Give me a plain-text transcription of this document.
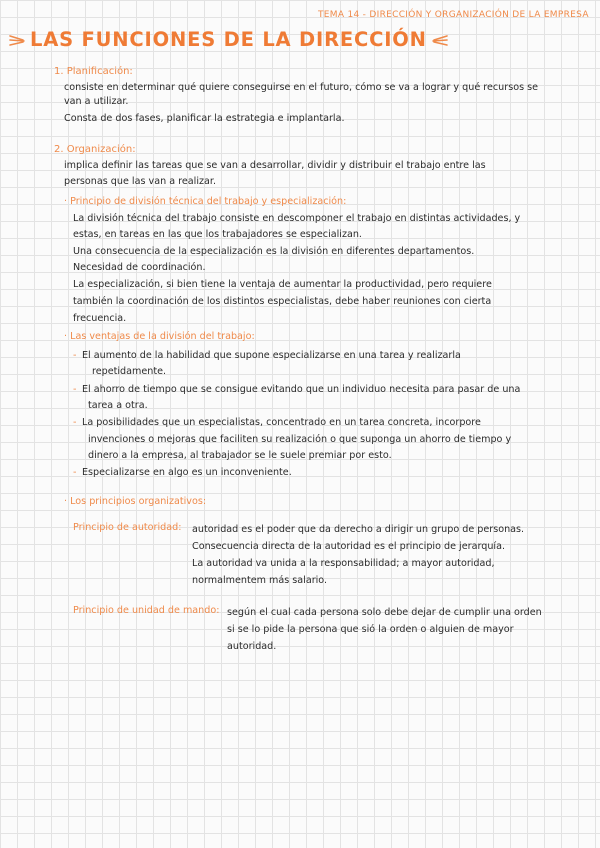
TEMA 14 - DIRECCIÓN Y ORGANIZACIÓN DE LA EMPRESA
LAS FUNCIONES DE LA DIRECCIÓN
1. Planificación:
consiste en determinar qué quiere conseguirse en el futuro, cómo se va a lograr y qué recursos se
van a utilizar.
Consta de dos fases, planificar la estrategia e implantarla.
2. Organización:
implica definir las tareas que se van a desarrollar, dividir y distribuir el trabajo entre las
personas que las van a realizar.
· Principio de división técnica del trabajo y especialización:
La división técnica del trabajo consiste en descomponer el trabajo en distintas actividades, y
estas, en tareas en las que los trabajadores se especializan.
Una consecuencia de la especialización es la división en diferentes departamentos.
Necesidad de coordinación.
La especialización, si bien tiene la ventaja de aumentar la productividad, pero requiere
también la coordinación de los distintos especialistas, debe haber reuniones con cierta
frecuencia.
· Las ventajas de la división del trabajo:
- El aumento de la habilidad que supone especializarse en una tarea y realizarla
repetidamente.
- El ahorro de tiempo que se consigue evitando que un individuo necesita para pasar de una
tarea a otra.
- La posibilidades que un especialistas, concentrado en un tarea concreta, incorpore
invenciones o mejoras que faciliten su realización o que suponga un ahorro de tiempo y
dinero a la empresa, al trabajador se le suele premiar por esto.
- Especializarse en algo es un inconveniente.
· Los principios organizativos:
Principio de autoridad: autoridad es el poder que da derecho a dirigir un grupo de personas.
Consecuencia directa de la autoridad es el principio de jerarquía.
La autoridad va unida a la responsabilidad; a mayor autoridad,
normalmentem más salario.
Principio de unidad de mando: según el cual cada persona solo debe dejar de cumplir una orden
si se lo pide la persona que sió la orden o alguien de mayor
autoridad.
